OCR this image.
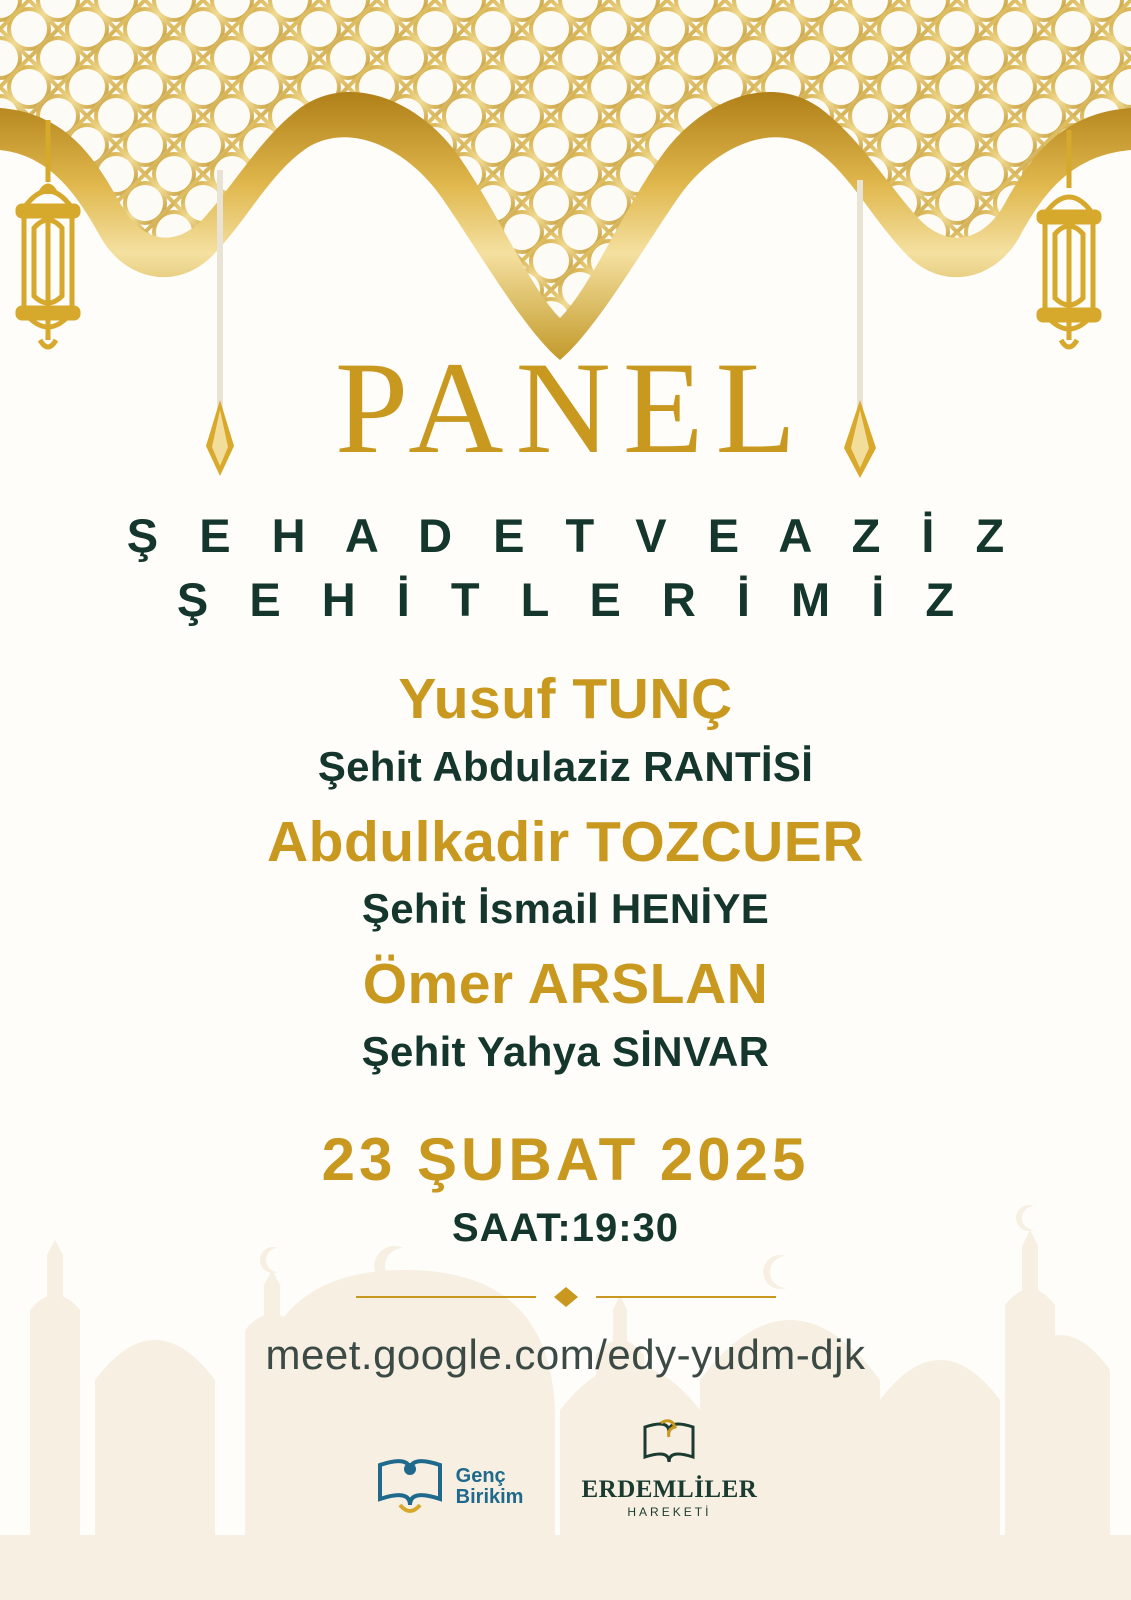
PANEL
Ş E H A D E T V E A Z İ Z
Ş E H İ T L E R İ M İ Z
Yusuf TUNÇ
Şehit Abdulaziz RANTİSİ
Abdulkadir TOZCUER
Şehit İsmail HENİYE
Ömer ARSLAN
Şehit Yahya SİNVAR
23 ŞUBAT 2025
SAAT:19:30
meet.google.com/edy-yudm-djk
Genç
Birikim ERDEMLİLER
HAREKETİ
